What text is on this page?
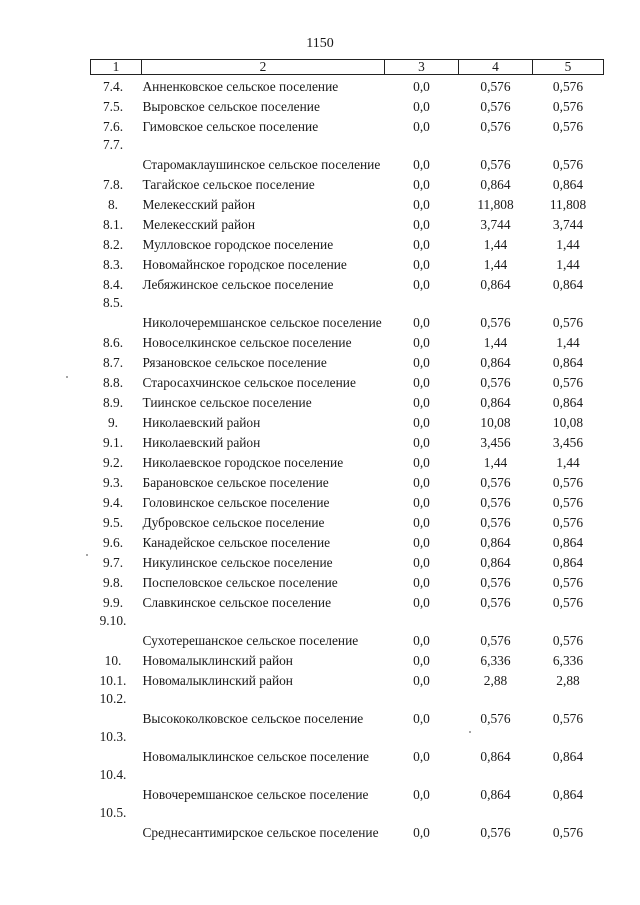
1150
1	2	3	4	5
7.4.	Анненковское сельское поселение	0,0	0,576	0,576
7.5.	Выровское сельское поселение	0,0	0,576	0,576
7.6.	Гимовское сельское поселение	0,0	0,576	0,576
7.7.	Старомаклаушинское сельское поселение	0,0	0,576	0,576
7.8.	Тагайское сельское поселение	0,0	0,864	0,864
8.	Мелекесский район	0,0	11,808	11,808
8.1.	Мелекесский район	0,0	3,744	3,744
8.2.	Мулловское городское поселение	0,0	1,44	1,44
8.3.	Новомайнское городское поселение	0,0	1,44	1,44
8.4.	Лебяжинское сельское поселение	0,0	0,864	0,864
8.5.	Николочеремшанское сельское поселение	0,0	0,576	0,576
8.6.	Новоселкинское сельское поселение	0,0	1,44	1,44
8.7.	Рязановское сельское поселение	0,0	0,864	0,864
8.8.	Старосахчинское сельское поселение	0,0	0,576	0,576
8.9.	Тиинское сельское поселение	0,0	0,864	0,864
9.	Николаевский район	0,0	10,08	10,08
9.1.	Николаевский район	0,0	3,456	3,456
9.2.	Николаевское городское поселение	0,0	1,44	1,44
9.3.	Барановское сельское поселение	0,0	0,576	0,576
9.4.	Головинское сельское поселение	0,0	0,576	0,576
9.5.	Дубровское сельское поселение	0,0	0,576	0,576
9.6.	Канадейское сельское поселение	0,0	0,864	0,864
9.7.	Никулинское сельское поселение	0,0	0,864	0,864
9.8.	Поспеловское сельское поселение	0,0	0,576	0,576
9.9.	Славкинское сельское поселение	0,0	0,576	0,576
9.10.	Сухотерешанское сельское поселение	0,0	0,576	0,576
10.	Новомалыклинский район	0,0	6,336	6,336
10.1.	Новомалыклинский район	0,0	2,88	2,88
10.2.	Высококолковское сельское поселение	0,0	0,576	0,576
10.3.	Новомалыклинское сельское поселение	0,0	0,864	0,864
10.4.	Новочеремшанское сельское поселение	0,0	0,864	0,864
10.5.	Среднесантимирское сельское поселение	0,0	0,576	0,576
